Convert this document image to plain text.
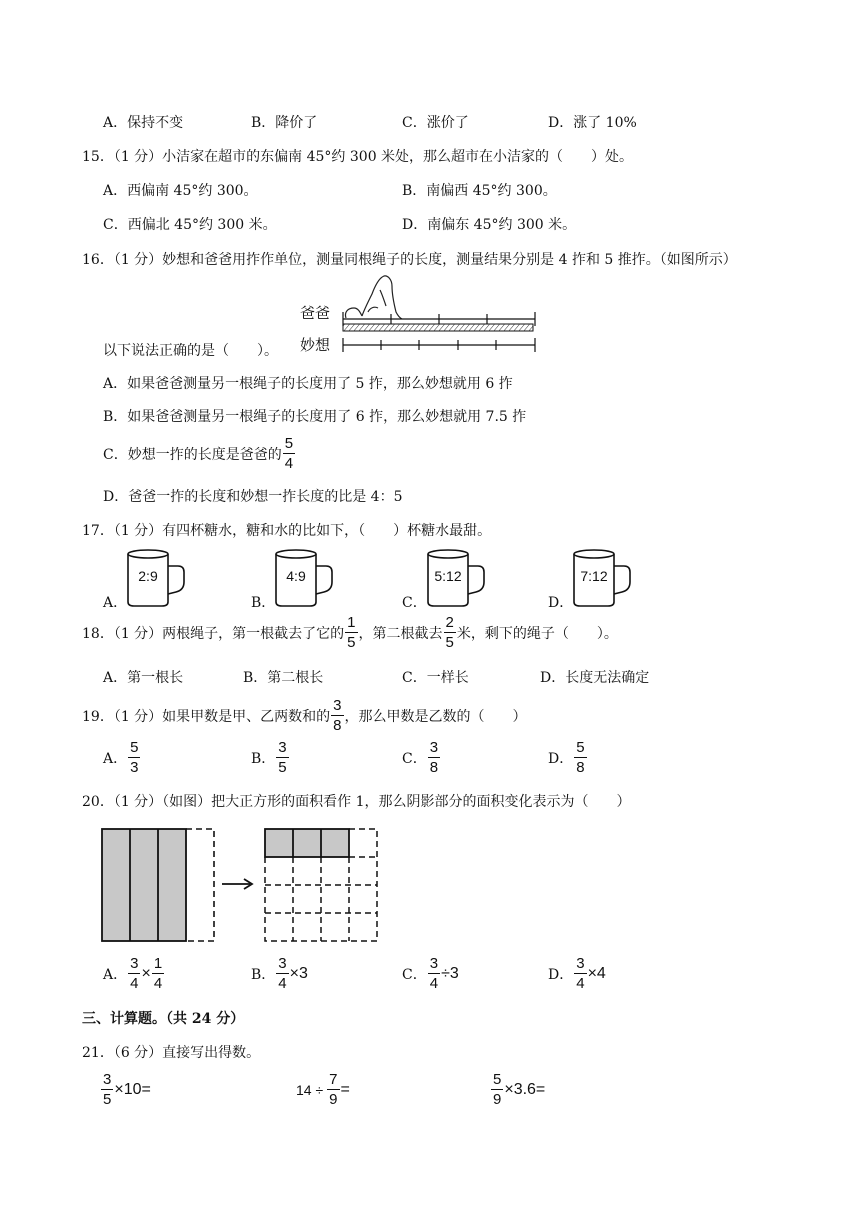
A．保持不变	B．降价了	C．涨价了	D．涨了 10%
15．（1 分）小洁家在超市的东偏南 45°约 300 米处，那么超市在小洁家的（　　）处。
A．西偏南 45°约 300。	B．南偏西 45°约 300。
C．西偏北 45°约 300 米。	D．南偏东 45°约 300 米。
16．（1 分）妙想和爸爸用拃作单位，测量同根绳子的长度，测量结果分别是 4 拃和 5 推拃。（如图所示）
爸爸
妙想
以下说法正确的是（　　）。
A．如果爸爸测量另一根绳子的长度用了 5 拃，那么妙想就用 6 拃
B．如果爸爸测量另一根绳子的长度用了 6 拃，那么妙想就用 7.5 拃
C．妙想一拃的长度是爸爸的 $\frac{5}{4}$
D．爸爸一拃的长度和妙想一拃长度的比是 4：5
17．（1 分）有四杯糖水，糖和水的比如下，（　　）杯糖水最甜。
A．	B．	C．	D．
2:9	4:9	5:12	7:12
18．（1 分）两根绳子，第一根截去了它的 $\frac{1}{5}$ ，第二根截去 $\frac{2}{5}$ 米，剩下的绳子（　　）。
A．第一根长	B．第二根长	C．一样长	D．长度无法确定
19．（1 分）如果甲数是甲、乙两数和的 $\frac{3}{8}$ ，那么甲数是乙数的（　　）
A． $\frac{5}{3}$	B． $\frac{3}{5}$	C． $\frac{3}{8}$	D． $\frac{5}{8}$
20．（1 分）（如图）把大正方形的面积看作 1，那么阴影部分的面积变化表示为（　　）
A． $\frac{3}{4} \times \frac{1}{4}$	B． $\frac{3}{4} \times 3$	C． $\frac{3}{4} \div 3$	D． $\frac{3}{4} \times 4$
三、计算题。（共 24 分）
21．（6 分）直接写出得数。
$\frac{3}{5} \times 10=$	$14 \div \frac{7}{9}$ =	$\frac{5}{9} \times 3.6=$
